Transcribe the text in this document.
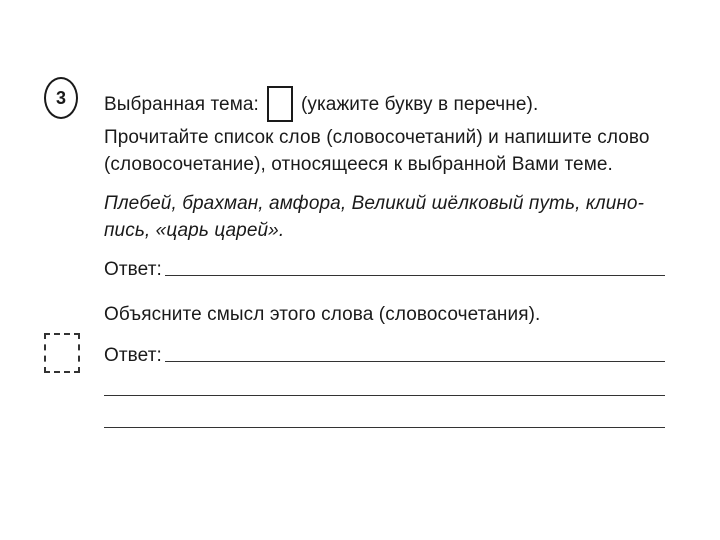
3	Выбранная тема: (укажите букву в перечне).
Прочитайте список слов (словосочетаний) и напишите слово
(словосочетание), относящееся к выбранной Вами теме.
Плебей, брахман, амфора, Великий шёлковый путь, клино-
пись, «царь царей».
Ответ:
Объясните смысл этого слова (словосочетания).
Ответ:
